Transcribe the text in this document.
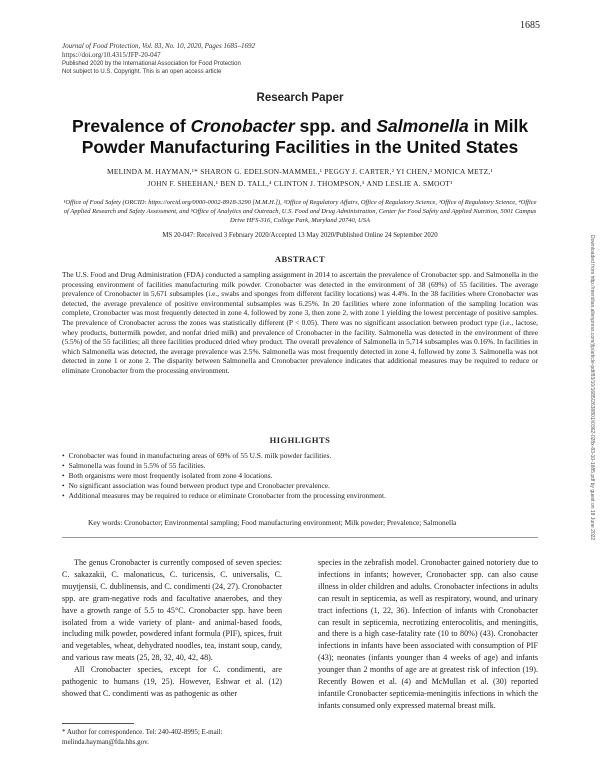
1685
Journal of Food Protection, Vol. 83, No. 10, 2020, Pages 1685–1692
https://doi.org/10.4315/JFP-20-047
Published 2020 by the International Association for Food Protection
Not subject to U.S. Copyright. This is an open access article
Research Paper
Prevalence of Cronobacter spp. and Salmonella in Milk Powder Manufacturing Facilities in the United States
MELINDA M. HAYMAN,¹* SHARON G. EDELSON-MAMMEL,¹ PEGGY J. CARTER,² YI CHEN,³ MONICA METZ,¹
JOHN F. SHEEHAN,¹ BEN D. TALL,⁴ CLINTON J. THOMPSON,⁵ AND LESLIE A. SMOOT¹
¹Office of Food Safety (ORCID: https://orcid.org/0000-0002-8918-3290 [M.M.H.]), ²Office of Regulatory Affairs, Office of Regulatory Science, ³Office of Regulatory Science, ⁴Office of Applied Research and Safety Assessment, and ⁵Office of Analytics and Outreach, U.S. Food and Drug Administration, Center for Food Safety and Applied Nutrition, 5001 Campus Drive HFS-316, College Park, Maryland 20740, USA
MS 20-047: Received 3 February 2020/Accepted 13 May 2020/Published Online 24 September 2020
ABSTRACT
The U.S. Food and Drug Administration (FDA) conducted a sampling assignment in 2014 to ascertain the prevalence of Cronobacter spp. and Salmonella in the processing environment of facilities manufacturing milk powder. Cronobacter was detected in the environment of 38 (69%) of 55 facilities. The average prevalence of Cronobacter in 5,671 subsamples (i.e., swabs and sponges from different facility locations) was 4.4%. In the 38 facilities where Cronobacter was detected, the average prevalence of positive environmental subsamples was 6.25%. In 20 facilities where zone information of the sampling location was complete, Cronobacter was most frequently detected in zone 4, followed by zone 3, then zone 2, with zone 1 yielding the lowest percentage of positive samples. The prevalence of Cronobacter across the zones was statistically different (P < 0.05). There was no significant association between product type (i.e., lactose, whey products, buttermilk powder, and nonfat dried milk) and prevalence of Cronobacter in the facility. Salmonella was detected in the environment of three (5.5%) of the 55 facilities; all three facilities produced dried whey product. The overall prevalence of Salmonella in 5,714 subsamples was 0.16%. In facilities in which Salmonella was detected, the average prevalence was 2.5%. Salmonella was most frequently detected in zone 4, followed by zone 3. Salmonella was not detected in zone 1 or zone 2. The disparity between Salmonella and Cronobacter prevalence indicates that additional measures may be required to reduce or eliminate Cronobacter from the processing environment.
HIGHLIGHTS
• Cronobacter was found in manufacturing areas of 69% of 55 U.S. milk powder facilities.
• Salmonella was found in 5.5% of 55 facilities.
• Both organisms were most frequently isolated from zone 4 locations.
• No significant association was found between product type and Cronobacter prevalence.
• Additional measures may be required to reduce or eliminate Cronobacter from the processing environment.
Key words: Cronobacter; Environmental sampling; Food manufacturing environment; Milk powder; Prevalence; Salmonella

The genus Cronobacter is currently composed of seven species: C. sakazakii, C. malonaticus, C. turicensis, C. universalis, C. muytjensii, C. dublinensis, and C. condimenti (24, 27). Cronobacter spp. are gram-negative rods and facultative anaerobes, and they have a growth range of 5.5 to 45°C. Cronobacter spp. have been isolated from a wide variety of plant- and animal-based foods, including milk powder, powdered infant formula (PIF), spices, fruit and vegetables, wheat, dehydrated noodles, tea, instant soup, candy, and various raw meats (25, 28, 32, 40, 42, 48).

All Cronobacter species, except for C. condimenti, are pathogenic to humans (19, 25). However, Eshwar et al. (12) showed that C. condimenti was as pathogenic as other

species in the zebrafish model. Cronobacter gained notoriety due to infections in infants; however, Cronobacter spp. can also cause illness in older children and adults. Cronobacter infections in adults can result in septicemia, as well as respiratory, wound, and urinary tract infections (1, 22, 36). Infection of infants with Cronobacter can result in septicemia, necrotizing enterocolitis, and meningitis, and there is a high case-fatality rate (10 to 80%) (43). Cronobacter infections in infants have been associated with consumption of PIF (43); neonates (infants younger than 4 weeks of age) and infants younger than 2 months of age are at greatest risk of infection (19). Recently Bowen et al. (4) and McMullan et al. (30) reported infantile Cronobacter septicemia-meningitis infections in which the infants consumed only expressed maternal breast milk.

* Author for correspondence. Tel: 240-402-8995; E-mail:
melinda.hayman@fda.hhs.gov.
Downloaded from http://meridian.allenpress.com/jfp/article-pdf/83/10/1685/2638801/i0362-028x-83-10-1685.pdf by guest on 18 June 2022
